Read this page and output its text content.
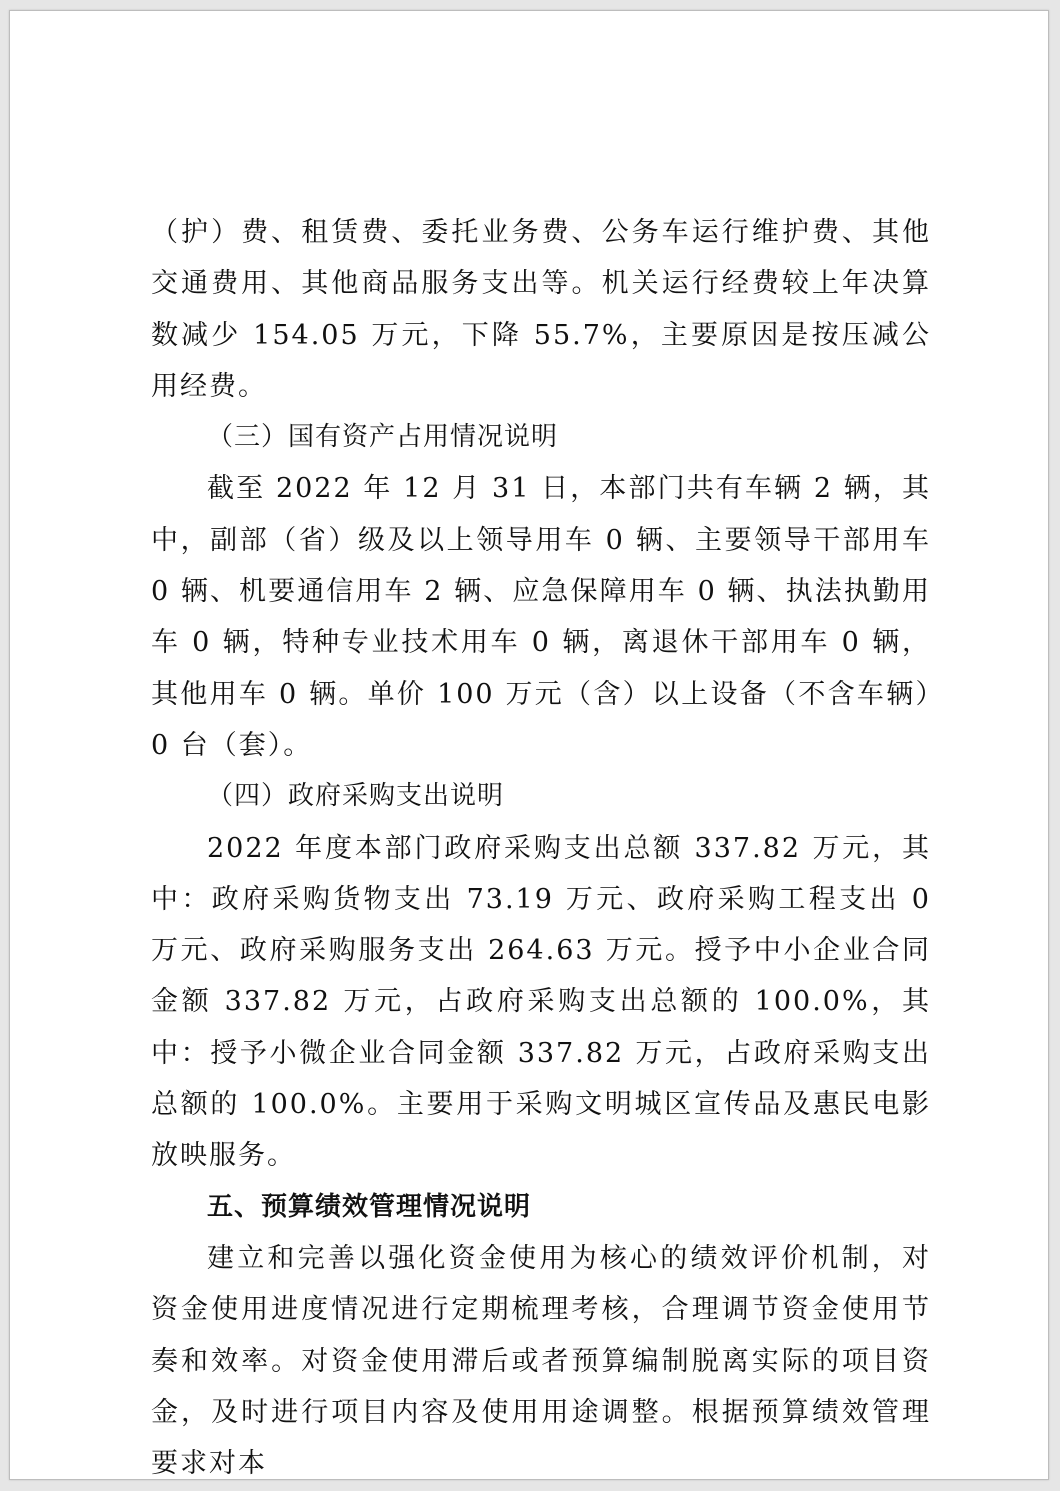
（护）费、租赁费、委托业务费、公务车运行维护费、其他交通费用、其他商品服务支出等。机关运行经费较上年决算数减少 154.05 万元，下降 55.7%，主要原因是按压减公用经费。

（三）国有资产占用情况说明

截至 2022 年 12 月 31 日，本部门共有车辆 2 辆，其中，副部（省）级及以上领导用车 0 辆、主要领导干部用车 0 辆、机要通信用车 2 辆、应急保障用车 0 辆、执法执勤用车 0 辆，特种专业技术用车 0 辆，离退休干部用车 0 辆，其他用车 0 辆。单价 100 万元（含）以上设备（不含车辆）0 台（套）。

（四）政府采购支出说明

2022 年度本部门政府采购支出总额 337.82 万元，其中：政府采购货物支出 73.19 万元、政府采购工程支出 0 万元、政府采购服务支出 264.63 万元。授予中小企业合同金额 337.82 万元，占政府采购支出总额的 100.0%，其中：授予小微企业合同金额 337.82 万元，占政府采购支出总额的 100.0%。主要用于采购文明城区宣传品及惠民电影放映服务。

五、预算绩效管理情况说明

建立和完善以强化资金使用为核心的绩效评价机制，对资金使用进度情况进行定期梳理考核，合理调节资金使用节奏和效率。对资金使用滞后或者预算编制脱离实际的项目资金，及时进行项目内容及使用用途调整。根据预算绩效管理要求对本
